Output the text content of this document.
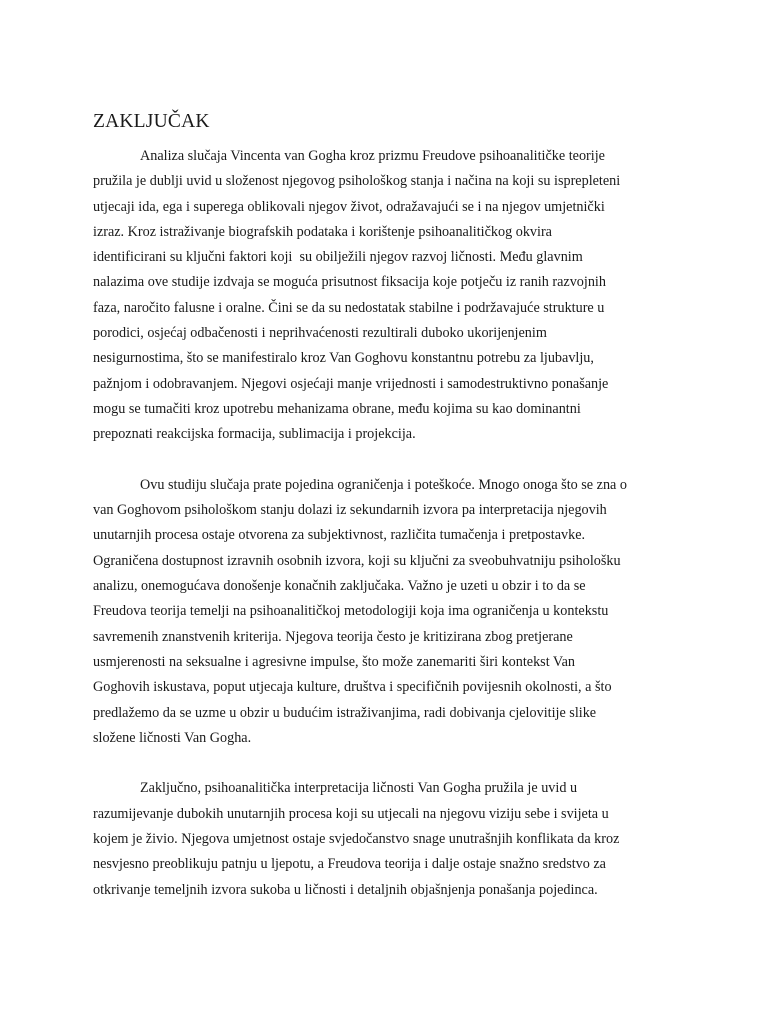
ZAKLJUČAK
Analiza slučaja Vincenta van Gogha kroz prizmu Freudove psihoanalitičke teorije
pružila je dublji uvid u složenost njegovog psihološkog stanja i načina na koji su isprepleteni
utjecaji ida, ega i superega oblikovali njegov život, odražavajući se i na njegov umjetnički
izraz. Kroz istraživanje biografskih podataka i korištenje psihoanalitičkog okvira
identificirani su ključni faktori koji  su obilježili njegov razvoj ličnosti. Među glavnim
nalazima ove studije izdvaja se moguća prisutnost fiksacija koje potječu iz ranih razvojnih
faza, naročito falusne i oralne. Čini se da su nedostatak stabilne i podržavajuće strukture u
porodici, osjećaj odbačenosti i neprihvaćenosti rezultirali duboko ukorijenjenim
nesigurnostima, što se manifestiralo kroz Van Goghovu konstantnu potrebu za ljubavlju,
pažnjom i odobravanjem. Njegovi osjećaji manje vrijednosti i samodestruktivno ponašanje
mogu se tumačiti kroz upotrebu mehanizama obrane, među kojima su kao dominantni
prepoznati reakcijska formacija, sublimacija i projekcija.
Ovu studiju slučaja prate pojedina ograničenja i poteškoće. Mnogo onoga što se zna o
van Goghovom psihološkom stanju dolazi iz sekundarnih izvora pa interpretacija njegovih
unutarnjih procesa ostaje otvorena za subjektivnost, različita tumačenja i pretpostavke.
Ograničena dostupnost izravnih osobnih izvora, koji su ključni za sveobuhvatniju psihološku
analizu, onemogućava donošenje konačnih zaključaka. Važno je uzeti u obzir i to da se
Freudova teorija temelji na psihoanalitičkoj metodologiji koja ima ograničenja u kontekstu
savremenih znanstvenih kriterija. Njegova teorija često je kritizirana zbog pretjerane
usmjerenosti na seksualne i agresivne impulse, što može zanemariti širi kontekst Van
Goghovih iskustava, poput utjecaja kulture, društva i specifičnih povijesnih okolnosti, a što
predlažemo da se uzme u obzir u budućim istraživanjima, radi dobivanja cjelovitije slike
složene ličnosti Van Gogha.
Zaključno, psihoanalitička interpretacija ličnosti Van Gogha pružila je uvid u
razumijevanje dubokih unutarnjih procesa koji su utjecali na njegovu viziju sebe i svijeta u
kojem je živio. Njegova umjetnost ostaje svjedočanstvo snage unutrašnjih konflikata da kroz
nesvjesno preoblikuju patnju u ljepotu, a Freudova teorija i dalje ostaje snažno sredstvo za
otkrivanje temeljnih izvora sukoba u ličnosti i detaljnih objašnjenja ponašanja pojedinca.
